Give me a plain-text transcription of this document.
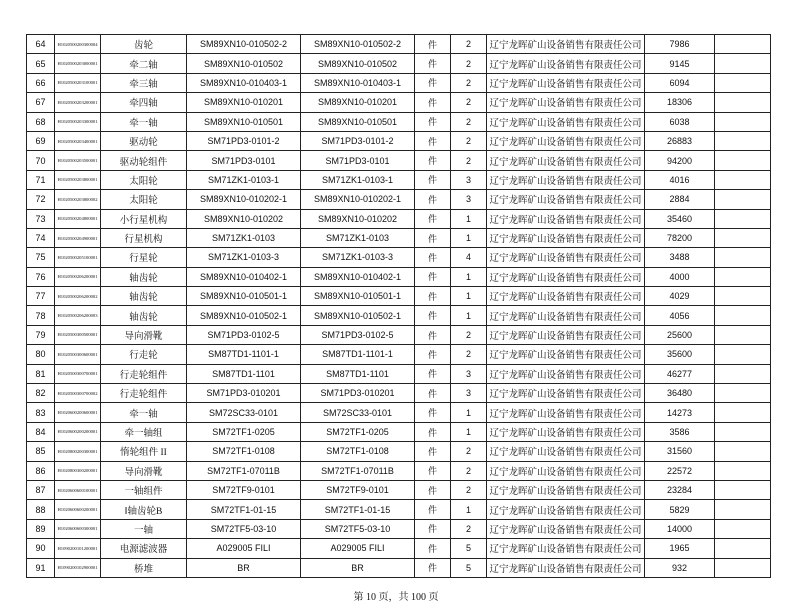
64	H1020500200300004	齿轮	SM89XN10-010502-2	SM89XN10-010502-2	件	2	辽宁龙晖矿山设备销售有限责任公司	7986	
65	H1020500203000001	牵二轴	SM89XN10-010502	SM89XN10-010502	件	2	辽宁龙晖矿山设备销售有限责任公司	9145	
66	H1020500203100001	牵三轴	SM89XN10-010403-1	SM89XN10-010403-1	件	2	辽宁龙晖矿山设备销售有限责任公司	6094	
67	H1020500203200001	牵四轴	SM89XN10-010201	SM89XN10-010201	件	2	辽宁龙晖矿山设备销售有限责任公司	18306	
68	H1020500203300001	牵一轴	SM89XN10-010501	SM89XN10-010501	件	2	辽宁龙晖矿山设备销售有限责任公司	6038	
69	H1020500203400001	驱动轮	SM71PD3-0101-2	SM71PD3-0101-2	件	2	辽宁龙晖矿山设备销售有限责任公司	26883	
70	H1020500203500001	驱动轮组件	SM71PD3-0101	SM71PD3-0101	件	2	辽宁龙晖矿山设备销售有限责任公司	94200	
71	H1020500203800001	太阳轮	SM71ZK1-0103-1	SM71ZK1-0103-1	件	3	辽宁龙晖矿山设备销售有限责任公司	4016	
72	H1020500203800002	太阳轮	SM89XN10-010202-1	SM89XN10-010202-1	件	3	辽宁龙晖矿山设备销售有限责任公司	2884	
73	H1020500204800001	小行星机构	SM89XN10-010202	SM89XN10-010202	件	1	辽宁龙晖矿山设备销售有限责任公司	35460	
74	H1020500204900001	行星机构	SM71ZK1-0103	SM71ZK1-0103	件	1	辽宁龙晖矿山设备销售有限责任公司	78200	
75	H1020500205100001	行星轮	SM71ZK1-0103-3	SM71ZK1-0103-3	件	4	辽宁龙晖矿山设备销售有限责任公司	3488	
76	H1020500206200001	轴齿轮	SM89XN10-010402-1	SM89XN10-010402-1	件	1	辽宁龙晖矿山设备销售有限责任公司	4000	
77	H1020500206200002	轴齿轮	SM89XN10-010501-1	SM89XN10-010501-1	件	1	辽宁龙晖矿山设备销售有限责任公司	4029	
78	H1020500206200003	轴齿轮	SM89XN10-010502-1	SM89XN10-010502-1	件	1	辽宁龙晖矿山设备销售有限责任公司	4056	
79	H1020500300500001	导向滑靴	SM71PD3-0102-5	SM71PD3-0102-5	件	2	辽宁龙晖矿山设备销售有限责任公司	25600	
80	H1020500300600001	行走轮	SM87TD1-1101-1	SM87TD1-1101-1	件	2	辽宁龙晖矿山设备销售有限责任公司	35600	
81	H1020500300700001	行走轮组件	SM87TD1-1101	SM87TD1-1101	件	3	辽宁龙晖矿山设备销售有限责任公司	46277	
82	H1020500300700002	行走轮组件	SM71PD3-010201	SM71PD3-010201	件	3	辽宁龙晖矿山设备销售有限责任公司	36480	
83	H1020600200600001	牵一轴	SM72SC33-0101	SM72SC33-0101	件	1	辽宁龙晖矿山设备销售有限责任公司	14273	
84	H1020600200200001	牵一轴组	SM72TF1-0205	SM72TF1-0205	件	1	辽宁龙晖矿山设备销售有限责任公司	3586	
85	H1020800200300001	惰轮组件 II	SM72TF1-0108	SM72TF1-0108	件	2	辽宁龙晖矿山设备销售有限责任公司	31560	
86	H1020800300200001	导向滑靴	SM72TF1-07011B	SM72TF1-07011B	件	2	辽宁龙晖矿山设备销售有限责任公司	22572	
87	H1020600600100001	一轴组件	SM72TF9-0101	SM72TF9-0101	件	2	辽宁龙晖矿山设备销售有限责任公司	23284	
88	H1020600600200001	Ⅰ轴齿轮B	SM72TF1-01-15	SM72TF1-01-15	件	1	辽宁龙晖矿山设备销售有限责任公司	5829	
89	H1020600600300001	一轴	SM72TF5-03-10	SM72TF5-03-10	件	2	辽宁龙晖矿山设备销售有限责任公司	14000	
90	H1090200101200001	电源滤波器	A029005 FILI	A029005 FILI	件	5	辽宁龙晖矿山设备销售有限责任公司	1965	
91	H1090200102900001	桥堆	BR	BR	件	5	辽宁龙晖矿山设备销售有限责任公司	932	
第 10 页，共 100 页
